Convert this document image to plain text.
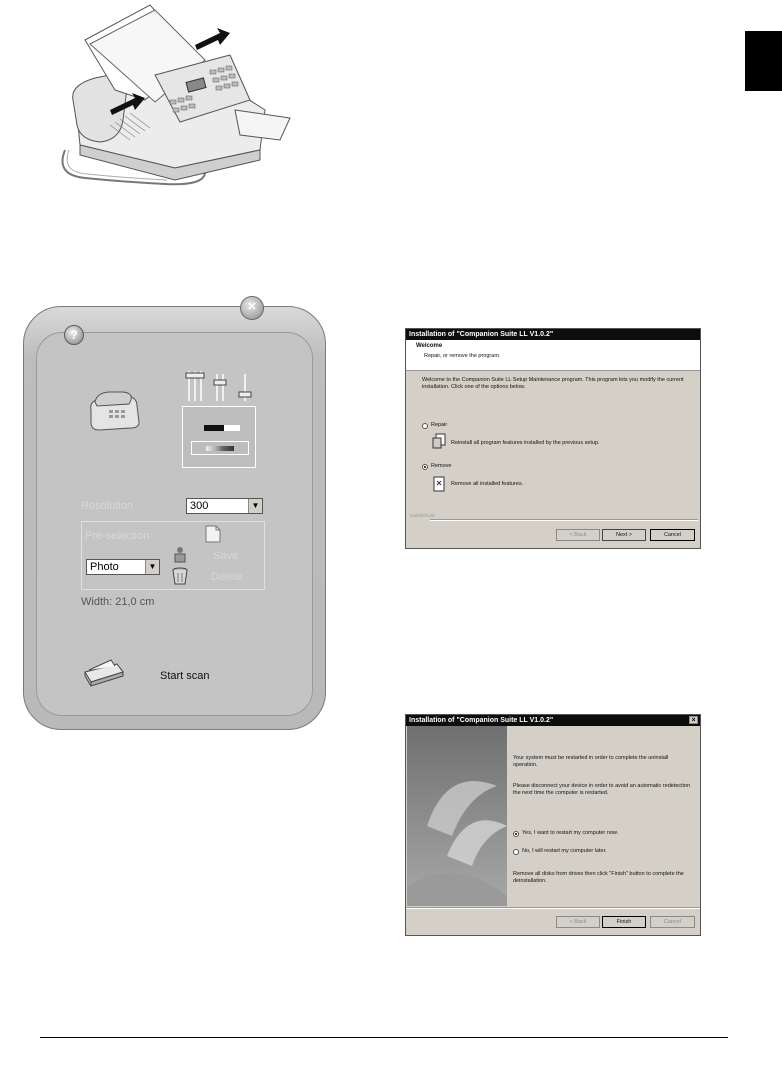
×
?
Resolution	300	▼
Pre-selection
Save
Photo	▼
Delete
Width: 21,0 cm
Start scan
Installation of "Companion Suite LL V1.0.2"
Welcome
Repair, or remove the program.
Welcome to the Companion Suite LL Setup Maintenance program. This program lets you modify the current installation. Click one of the options below.
Repair
Reinstall all program features installed by the previous setup.
Remove
Remove all installed features.
InstallShield
< Back	Next >	Cancel
Installation of "Companion Suite LL V1.0.2"	×
Your system must be restarted in order to complete the uninstall operation.
Please disconnect your device in order to avoid an automatic redetection the next time the computer is restarted.
Yes, I want to restart my computer now.
No, I will restart my computer later.
Remove all disks from drives then click "Finish" button to complete the deinstallation.
InstallShield
< Back	Finish	Cancel
